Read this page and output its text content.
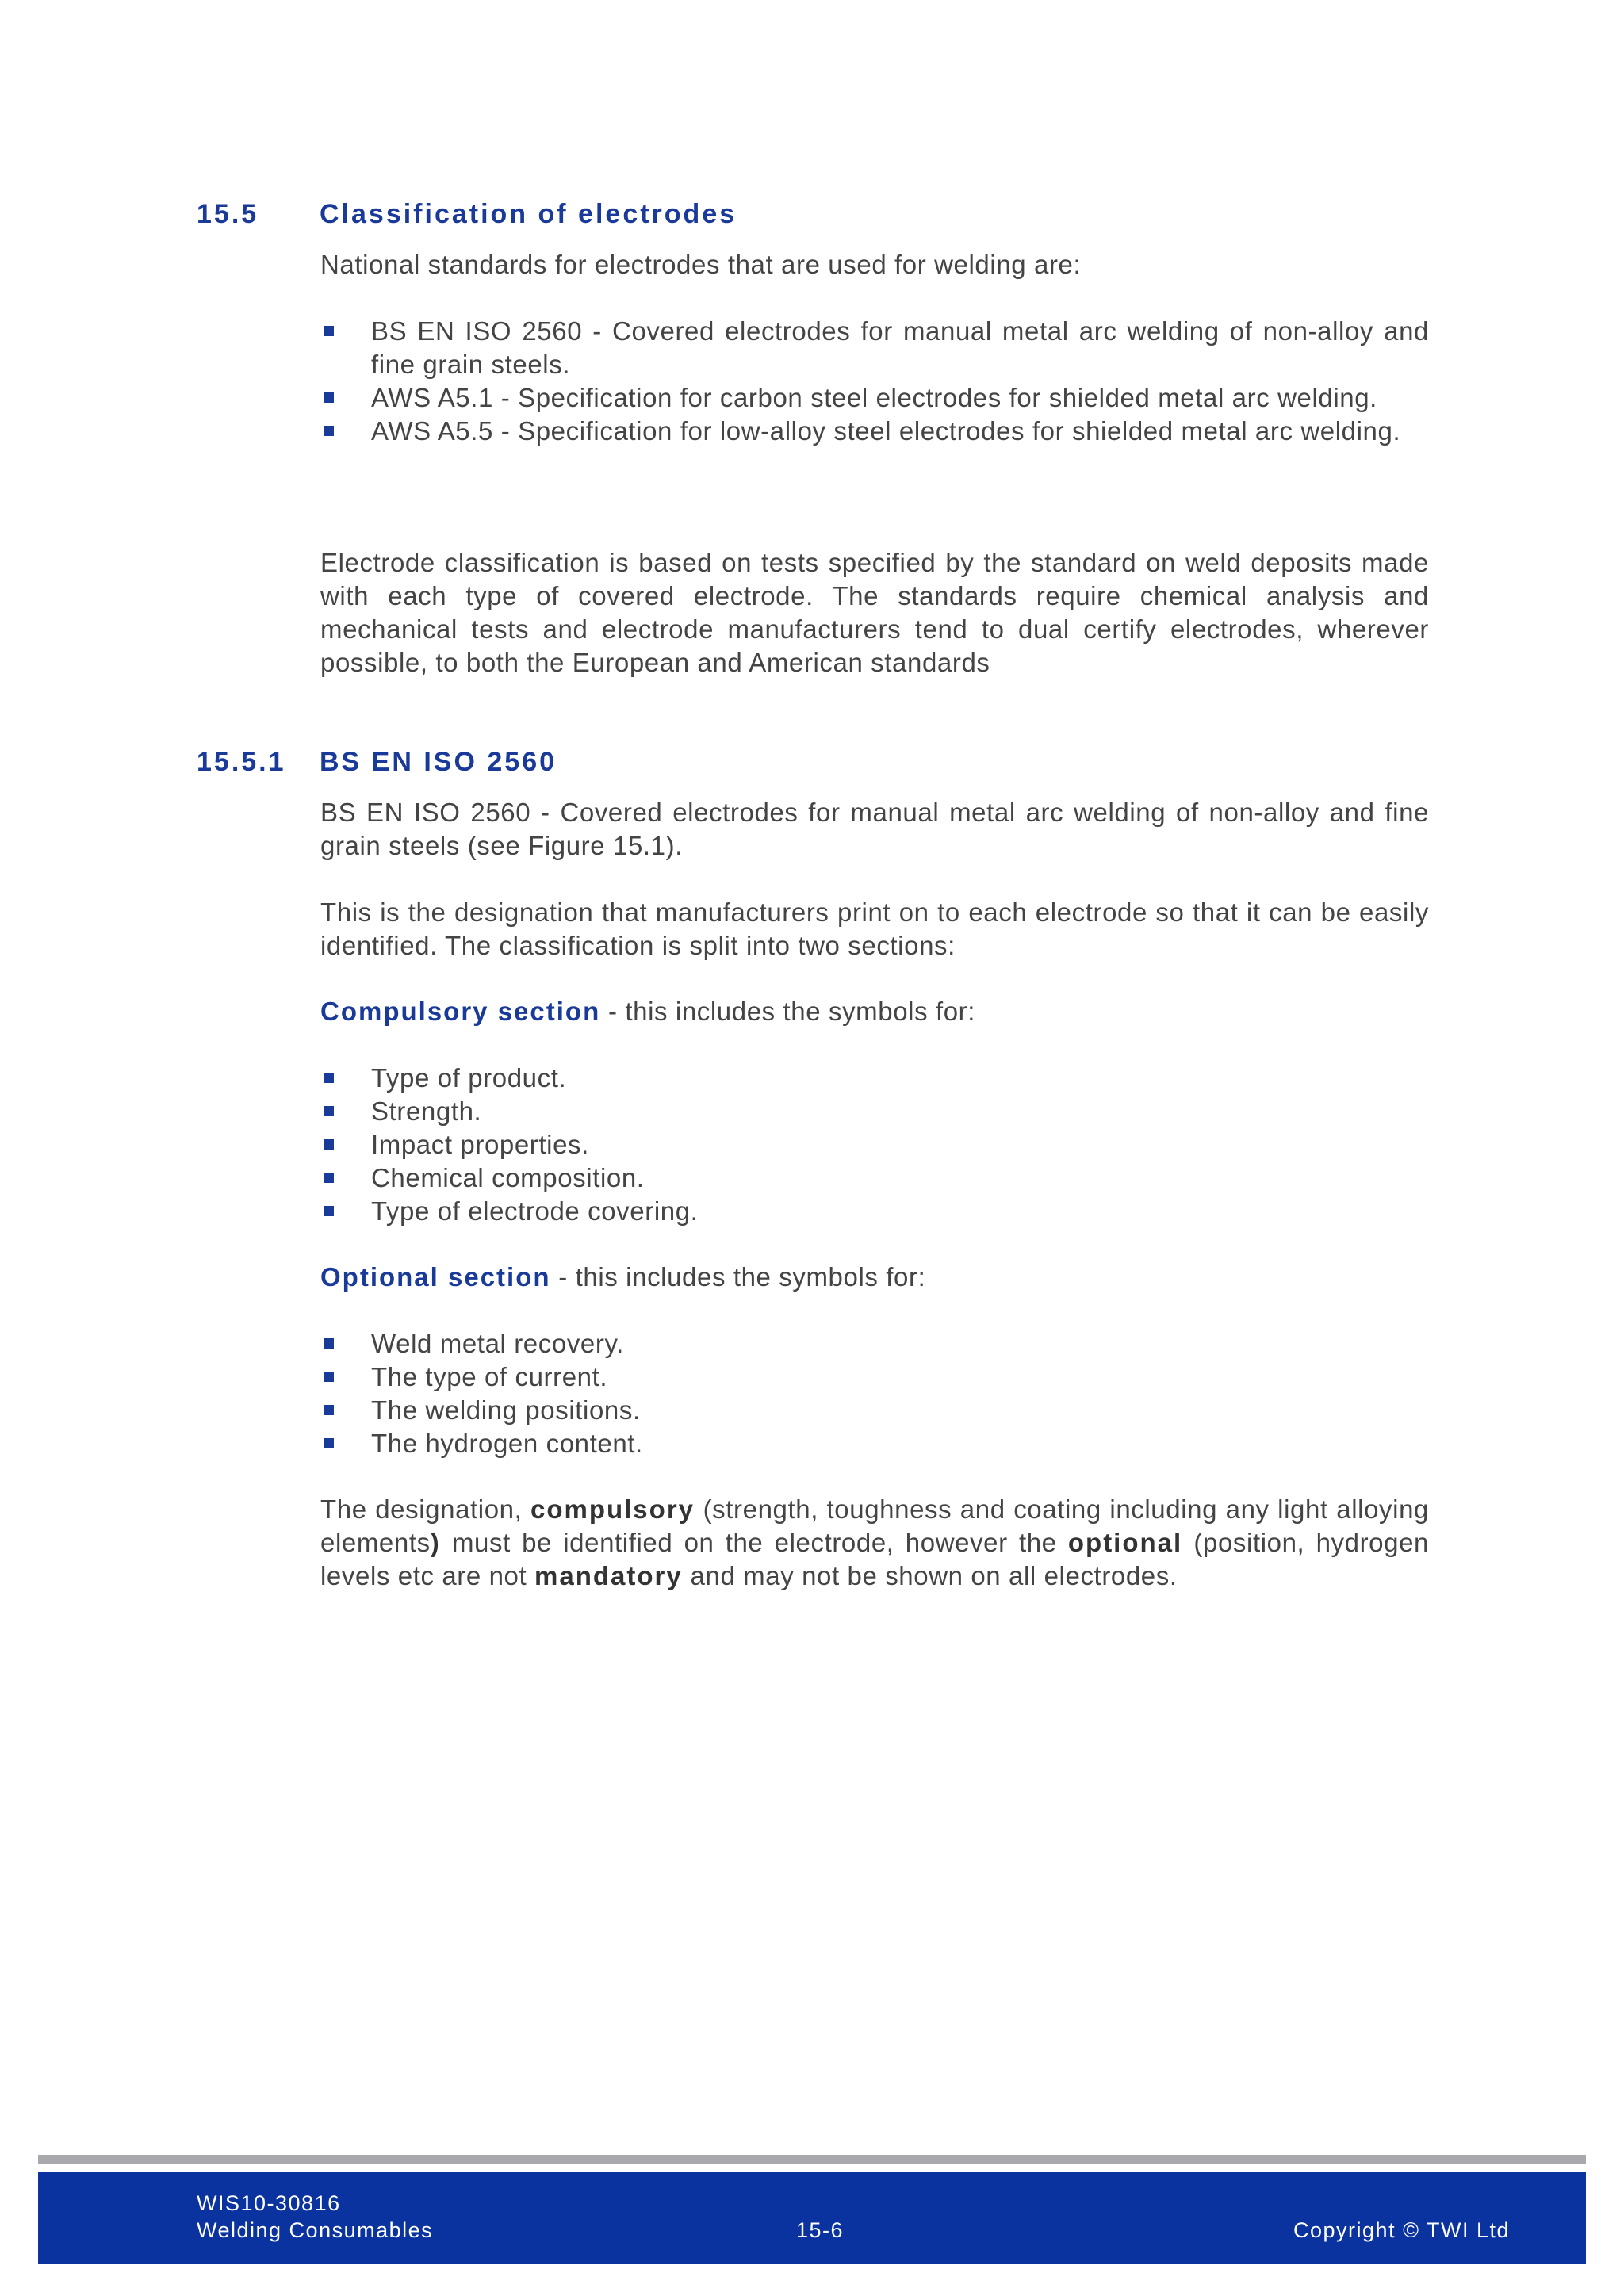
15.5 Classification of electrodes

National standards for electrodes that are used for welding are:

BS EN ISO 2560 - Covered electrodes for manual metal arc welding of non-alloy and fine grain steels.
AWS A5.1 - Specification for carbon steel electrodes for shielded metal arc welding.
AWS A5.5 - Specification for low-alloy steel electrodes for shielded metal arc welding.

Electrode classification is based on tests specified by the standard on weld deposits made with each type of covered electrode. The standards require chemical analysis and mechanical tests and electrode manufacturers tend to dual certify electrodes, wherever possible, to both the European and American standards

15.5.1 BS EN ISO 2560

BS EN ISO 2560 - Covered electrodes for manual metal arc welding of non-alloy and fine grain steels (see Figure 15.1).

This is the designation that manufacturers print on to each electrode so that it can be easily identified. The classification is split into two sections:

Compulsory section - this includes the symbols for:

Type of product.
Strength.
Impact properties.
Chemical composition.
Type of electrode covering.

Optional section - this includes the symbols for:

Weld metal recovery.
The type of current.
The welding positions.
The hydrogen content.

The designation, compulsory (strength, toughness and coating including any light alloying elements) must be identified on the electrode, however the optional (position, hydrogen levels etc are not mandatory and may not be shown on all electrodes.

WIS10-30816
Welding Consumables	15-6	Copyright © TWI Ltd
